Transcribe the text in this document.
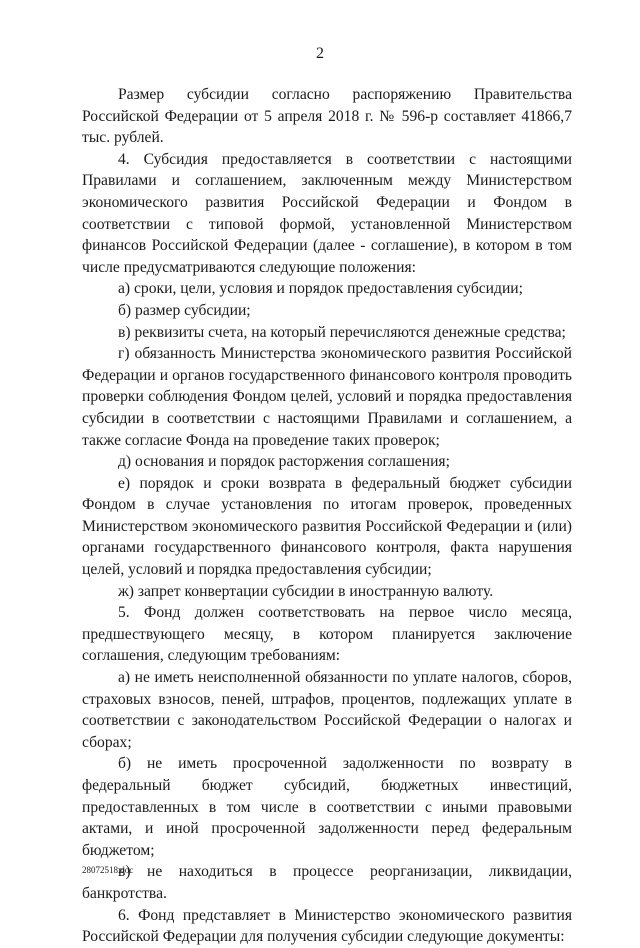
2

Размер субсидии согласно распоряжению Правительства Российской Федерации от 5 апреля 2018 г. № 596-р составляет 41866,7 тыс. рублей.

4. Субсидия предоставляется в соответствии с настоящими Правилами и соглашением, заключенным между Министерством экономического развития Российской Федерации и Фондом в соответствии с типовой формой, установленной Министерством финансов Российской Федерации (далее - соглашение), в котором в том числе предусматриваются следующие положения:

а) сроки, цели, условия и порядок предоставления субсидии;

б) размер субсидии;

в) реквизиты счета, на который перечисляются денежные средства;

г) обязанность Министерства экономического развития Российской Федерации и органов государственного финансового контроля проводить проверки соблюдения Фондом целей, условий и порядка предоставления субсидии в соответствии с настоящими Правилами и соглашением, а также согласие Фонда на проведение таких проверок;

д) основания и порядок расторжения соглашения;

е) порядок и сроки возврата в федеральный бюджет субсидии Фондом в случае установления по итогам проверок, проведенных Министерством экономического развития Российской Федерации и (или) органами государственного финансового контроля, факта нарушения целей, условий и порядка предоставления субсидии;

ж) запрет конвертации субсидии в иностранную валюту.

5. Фонд должен соответствовать на первое число месяца, предшествующего месяцу, в котором планируется заключение соглашения, следующим требованиям:

а) не иметь неисполненной обязанности по уплате налогов, сборов, страховых взносов, пеней, штрафов, процентов, подлежащих уплате в соответствии с законодательством Российской Федерации о налогах и сборах;

б) не иметь просроченной задолженности по возврату в федеральный бюджет субсидий, бюджетных инвестиций, предоставленных в том числе в соответствии с иными правовыми актами, и иной просроченной задолженности перед федеральным бюджетом;

в) не находиться в процессе реорганизации, ликвидации, банкротства.

6. Фонд представляет в Министерство экономического развития Российской Федерации для получения субсидии следующие документы:

28072518.doc
